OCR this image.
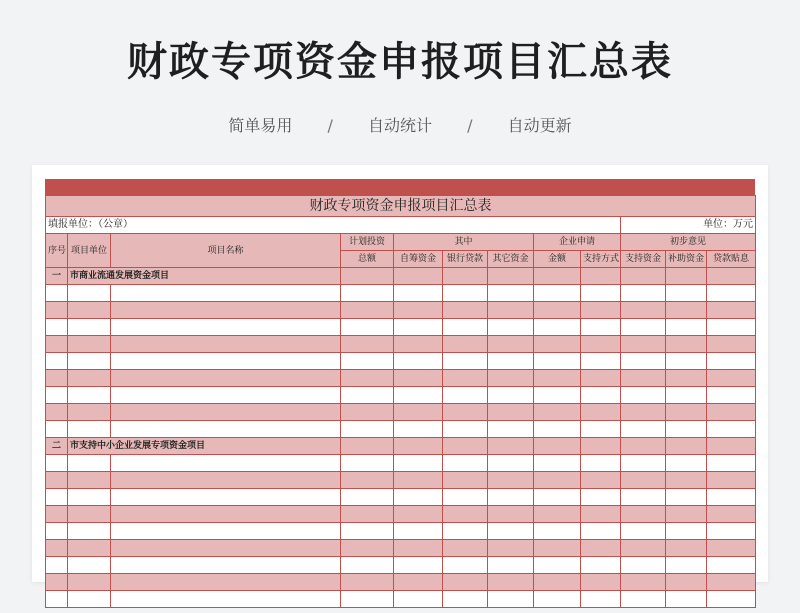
财政专项资金申报项目汇总表
简单易用 / 自动统计 / 自动更新
财政专项资金申报项目汇总表											
填报单位：（公章）									单位：万元		
序号	项目单位	项目名称	计划投资	其中			企业申请		初步意见		
			总额	自筹资金	银行贷款	其它资金	金额	支持方式	支持资金	补助资金	贷款贴息
一	市商业流通发展资金项目										

二	市支持中小企业发展专项资金项目										
